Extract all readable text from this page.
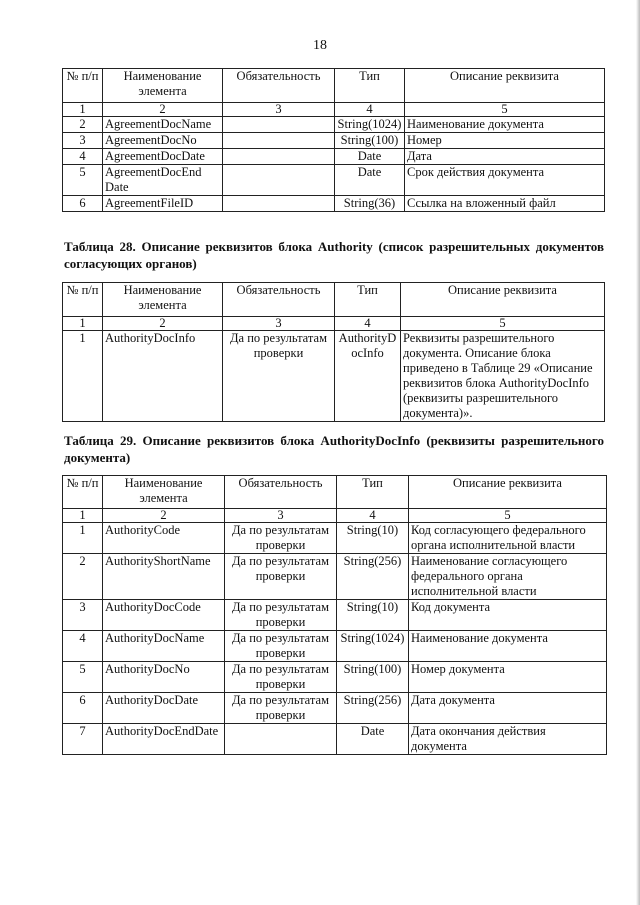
18
№ п/п	Наименование элемента	Обязательность	Тип	Описание реквизита
1	2	3	4	5
2	AgreementDocName		String(1024)	Наименование документа
3	AgreementDocNo		String(100)	Номер
4	AgreementDocDate		Date	Дата
5	AgreementDocEnd Date		Date	Срок действия документа
6	AgreementFileID		String(36)	Ссылка на вложенный файл
Таблица 28. Описание реквизитов блока Authority (список разрешительных документов согласующих органов)
№ п/п	Наименование элемента	Обязательность	Тип	Описание реквизита
1	2	3	4	5
1	AuthorityDocInfo	Да по результатам проверки	AuthorityD ocInfo	Реквизиты разрешительного документа. Описание блока приведено в Таблице 29 «Описание реквизитов блока AuthorityDocInfo (реквизиты разрешительного документа)».
Таблица 29. Описание реквизитов блока AuthorityDocInfo (реквизиты разрешительного документа)
№ п/п	Наименование элемента	Обязательность	Тип	Описание реквизита
1	2	3	4	5
1	AuthorityCode	Да по результатам проверки	String(10)	Код согласующего федерального органа исполнительной власти
2	AuthorityShortName	Да по результатам проверки	String(256)	Наименование согласующего федерального органа исполнительной власти
3	AuthorityDocCode	Да по результатам проверки	String(10)	Код документа
4	AuthorityDocName	Да по результатам проверки	String(1024)	Наименование документа
5	AuthorityDocNo	Да по результатам проверки	String(100)	Номер документа
6	AuthorityDocDate	Да по результатам проверки	String(256)	Дата документа
7	AuthorityDocEndDate		Date	Дата окончания действия документа
